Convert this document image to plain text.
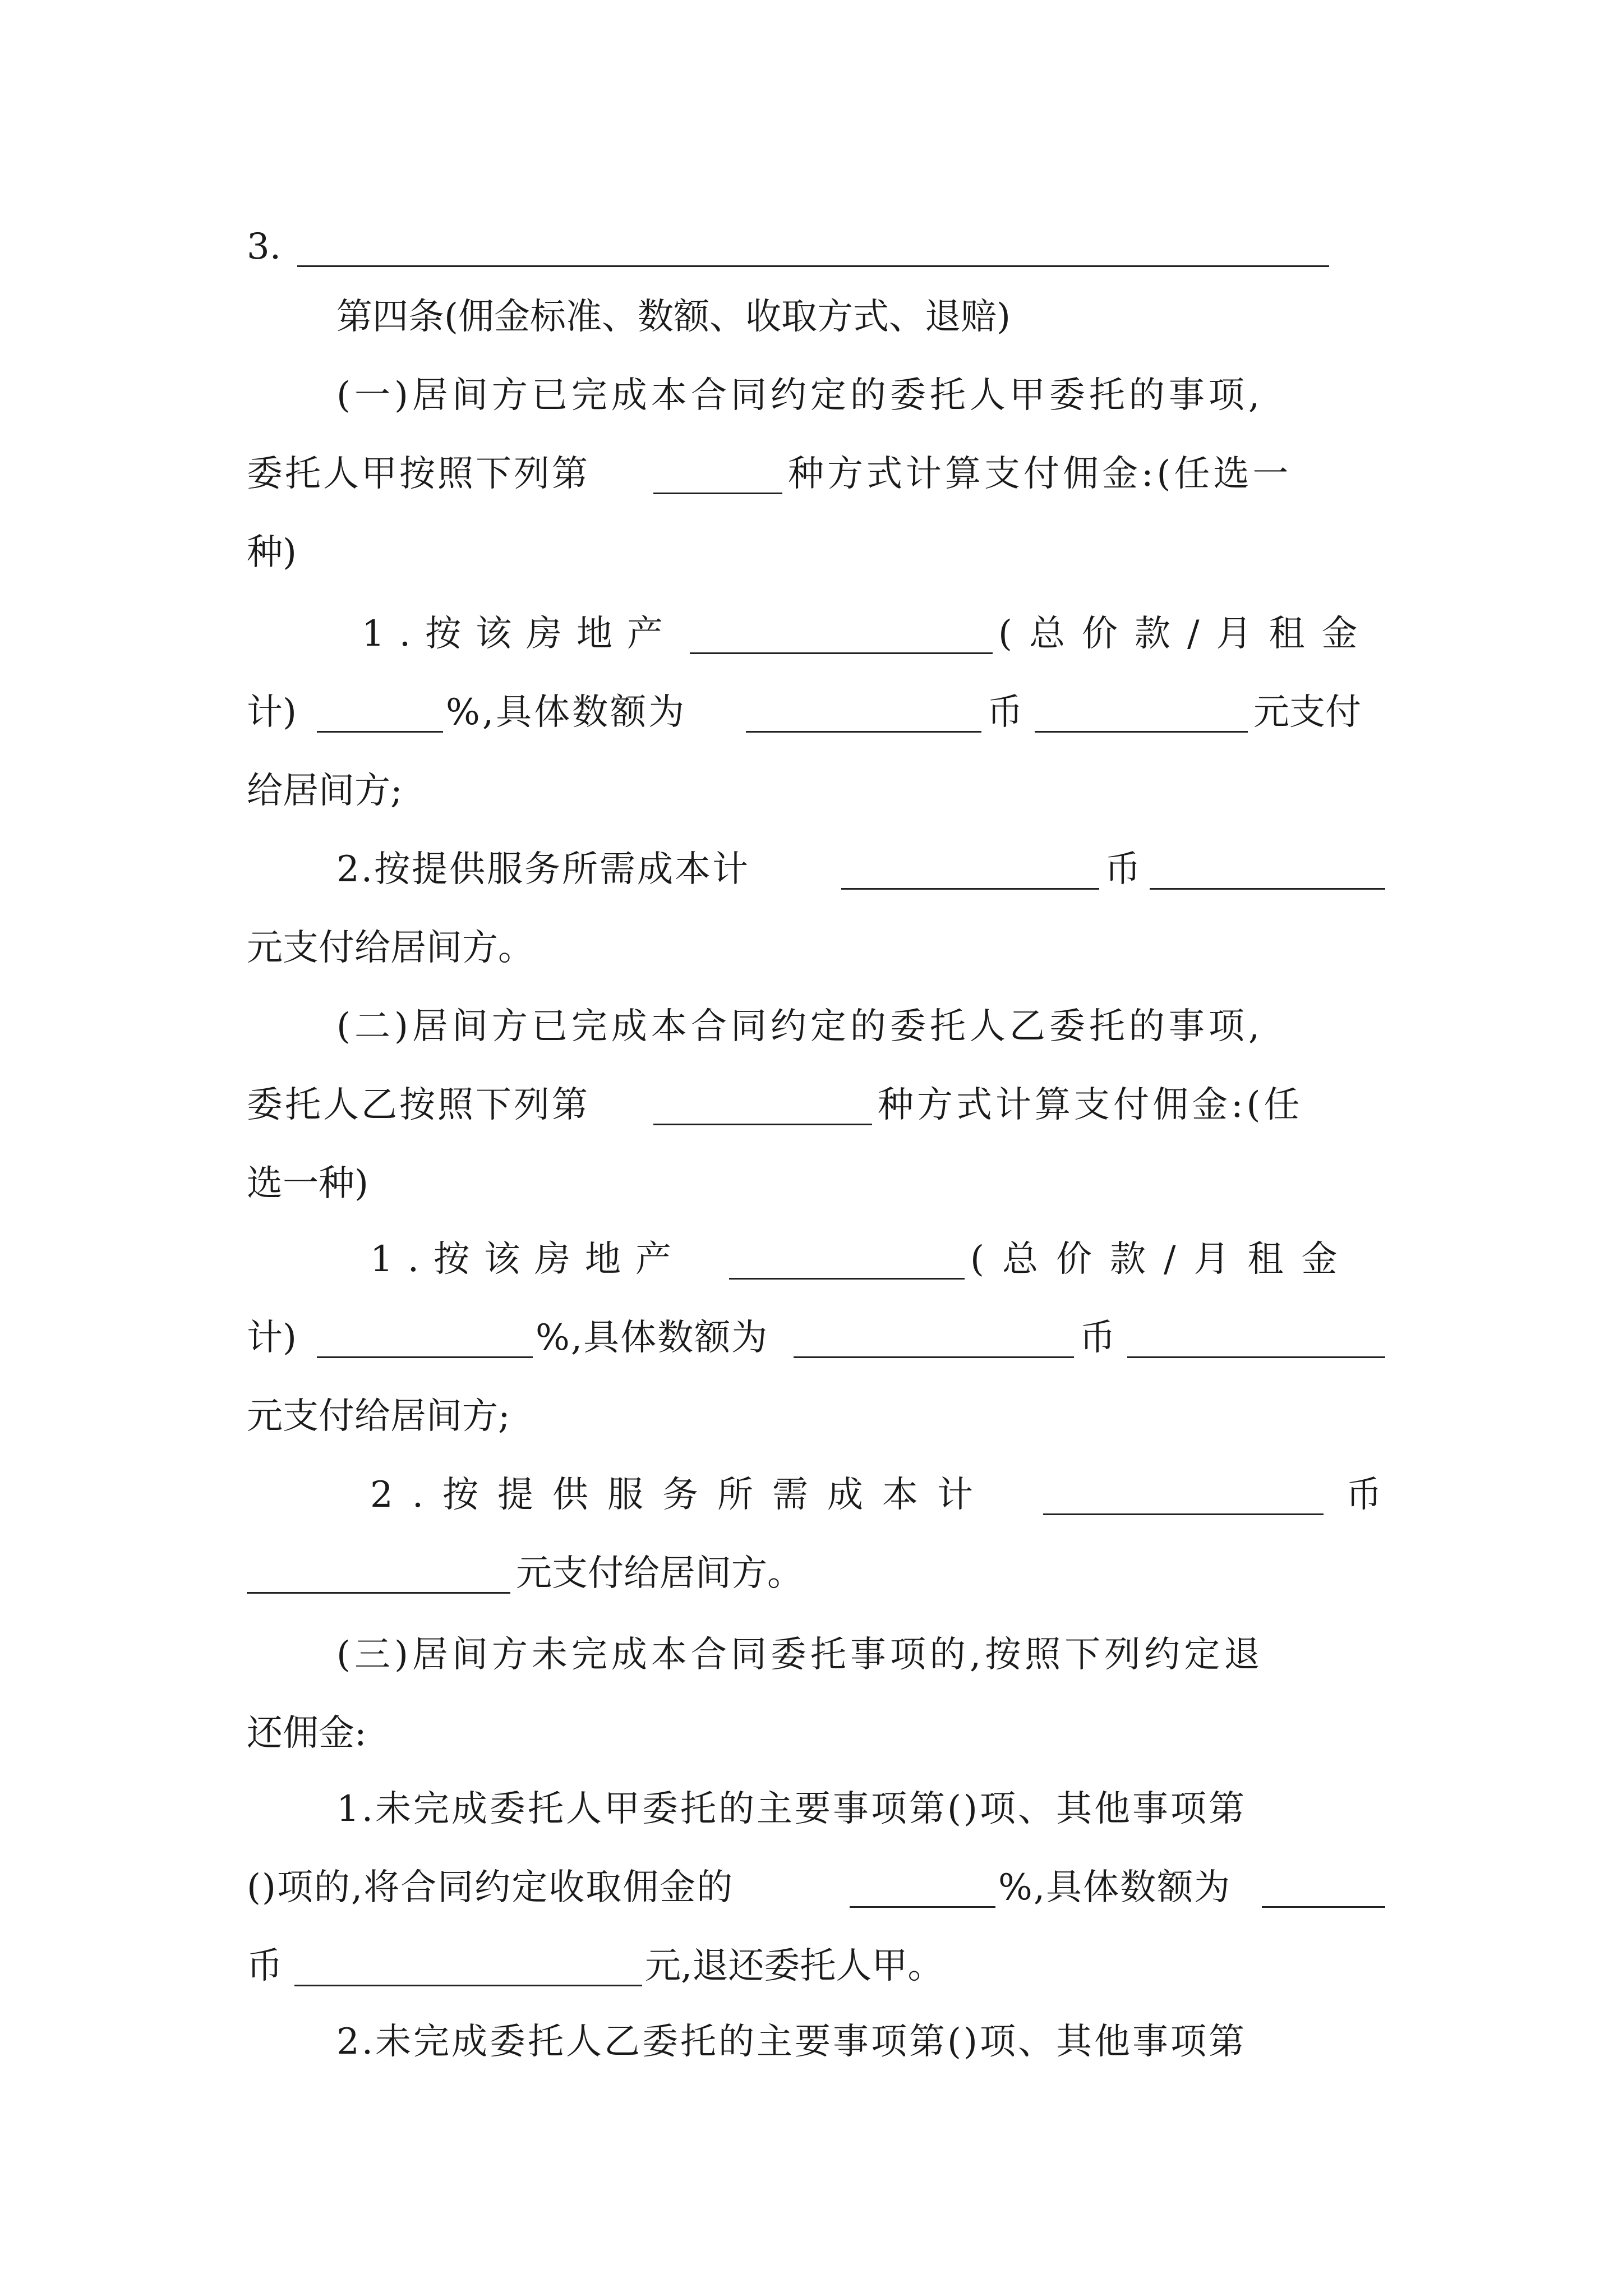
3.
第四条(佣金标准、数额、收取方式、退赔)
(一)居间方已完成本合同约定的委托人甲委托的事项,
委托人甲按照下列第	种方式计算支付佣金:(任选一
种)
1.按该房地产	(总价款/月租金
计)	%,具体数额为	币	元支付
给居间方;
2.按提供服务所需成本计	币
元支付给居间方。
(二)居间方已完成本合同约定的委托人乙委托的事项,
委托人乙按照下列第	种方式计算支付佣金:(任
选一种)
1.按该房地产	(总价款/月租金
计)	%,具体数额为	币
元支付给居间方;
2.按提供服务所需成本计	币
元支付给居间方。
(三)居间方未完成本合同委托事项的,按照下列约定退
还佣金:
1.未完成委托人甲委托的主要事项第()项、其他事项第
()项的,将合同约定收取佣金的	%,具体数额为
币	元,退还委托人甲。
2.未完成委托人乙委托的主要事项第()项、其他事项第
